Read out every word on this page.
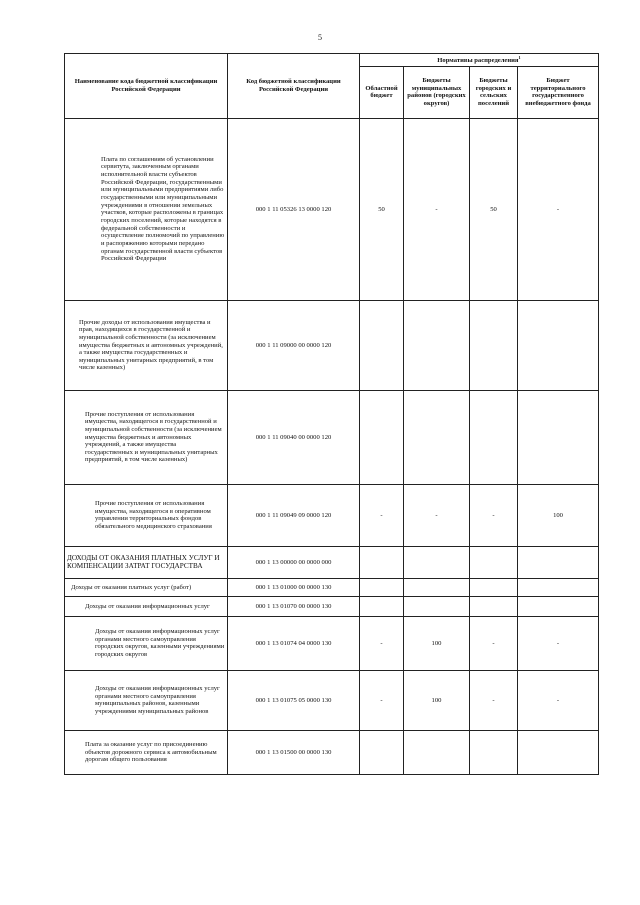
5
Наименование кода бюджетной классификации Российской Федерации	Код бюджетной классификации Российской Федерации	Нормативы распределения$^1$
		Областной бюджет	Бюджеты муниципальных районов (городских округов)	Бюджеты городских и сельских поселений	Бюджет территориального государственного внебюджетного фонда
Плата по соглашениям об установлении сервитута, заключенным органами исполнительной власти субъектов Российской Федерации, государственными или муниципальными предприятиями либо государственными или муниципальными учреждениями в отношении земельных участков, которые расположены в границах городских поселений, которые находятся в федеральной собственности и осуществление полномочий по управлению и распоряжению которыми передано органам государственной власти субъектов Российской Федерации	000 1 11 05326 13 0000 120	50	-	50	-
Прочие доходы от использования имущества и прав, находящихся в государственной и муниципальной собственности (за исключением имущества бюджетных и автономных учреждений, а также имущества государственных и муниципальных унитарных предприятий, в том числе казенных)	000 1 11 09000 00 0000 120				
Прочие поступления от использования имущества, находящегося в государственной и муниципальной собственности (за исключением имущества бюджетных и автономных учреждений, а также имущества государственных и муниципальных унитарных предприятий, в том числе казенных)	000 1 11 09040 00 0000 120				
Прочие поступления от использования имущества, находящегося в оперативном управлении территориальных фондов обязательного медицинского страхования	000 1 11 09049 09 0000 120	-	-	-	100
ДОХОДЫ ОТ ОКАЗАНИЯ ПЛАТНЫХ УСЛУГ И КОМПЕНСАЦИИ ЗАТРАТ ГОСУДАРСТВА	000 1 13 00000 00 0000 000				
Доходы от оказания платных услуг (работ)	000 1 13 01000 00 0000 130				
Доходы от оказания информационных услуг	000 1 13 01070 00 0000 130				
Доходы от оказания информационных услуг органами местного самоуправления городских округов, казенными учреждениями городских округов	000 1 13 01074 04 0000 130	-	100	-	-
Доходы от оказания информационных услуг органами местного самоуправления муниципальных районов, казенными учреждениями муниципальных районов	000 1 13 01075 05 0000 130	-	100	-	-
Плата за оказание услуг по присоединению объектов дорожного сервиса к автомобильным дорогам общего пользования	000 1 13 01500 00 0000 130				
